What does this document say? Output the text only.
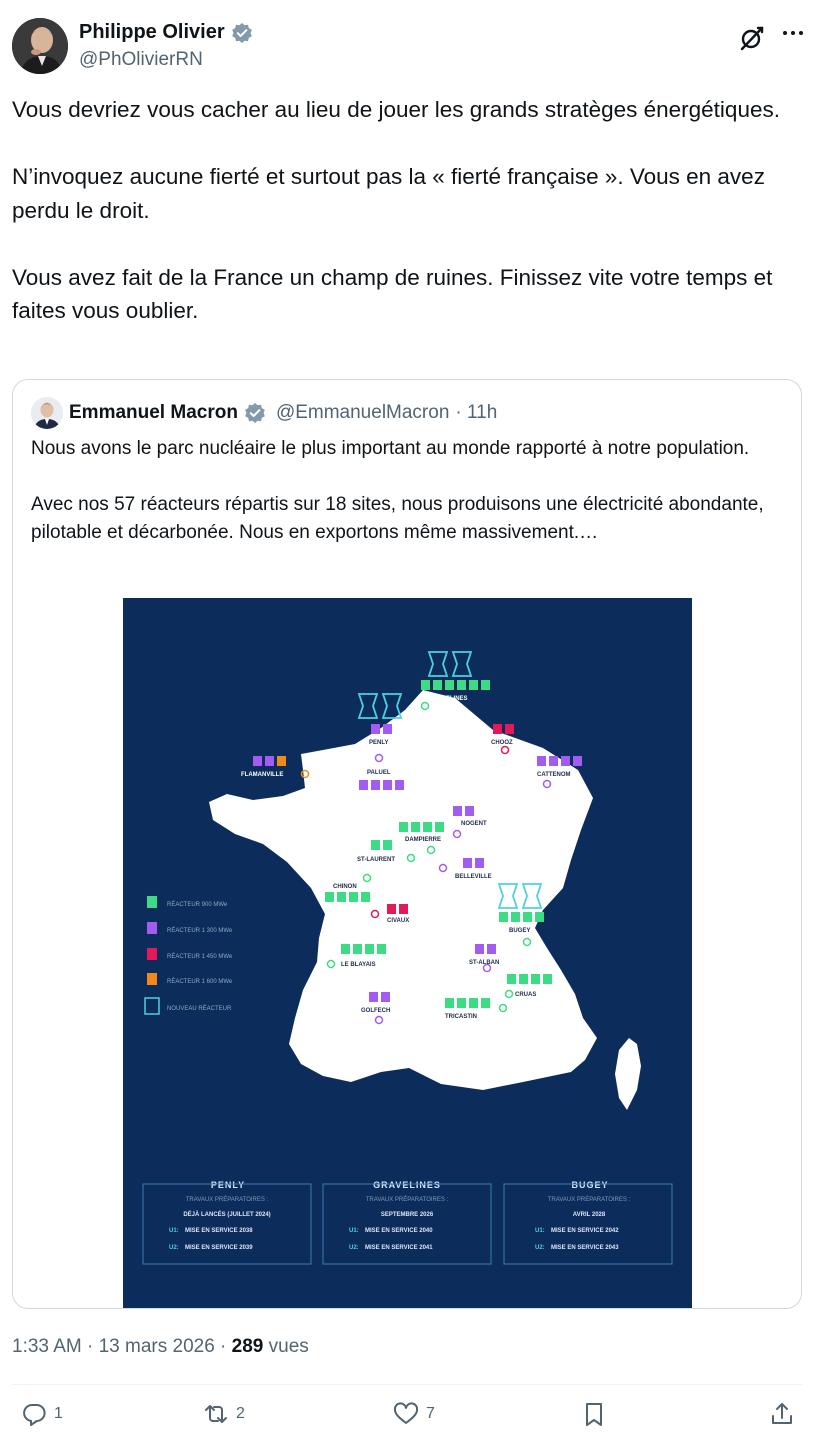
Philippe Olivier
@PhOlivierRN

Vous devriez vous cacher au lieu de jouer les grands stratèges énergétiques.

N’invoquez aucune fierté et surtout pas la « fierté française ». Vous en avez perdu le droit.

Vous avez fait de la France un champ de ruines. Finissez vite votre temps et faites vous oublier.

Emmanuel Macron @EmmanuelMacron · 11h

Nous avons le parc nucléaire le plus important au monde rapporté à notre population.

Avec nos 57 réacteurs répartis sur 18 sites, nous produisons une électricité abondante, pilotable et décarbonée. Nous en exportons même massivement.…

RÉACTEUR 900 MWe
RÉACTEUR 1 300 MWe
RÉACTEUR 1 450 MWe
RÉACTEUR 1 600 MWe
NOUVEAU RÉACTEUR
GRAVELINES
PENLY	CHOOZ
FLAMANVILLE	PALUEL	CATTENOM
NOGENT
DAMPIERRE
ST-LAURENT
BELLEVILLE
CHINON
CIVAUX
BUGEY
LE BLAYAIS	ST-ALBAN
CRUAS
GOLFECH
TRICASTIN
PENLY
TRAVAUX PRÉPARATOIRES :
DÉJÀ LANCÉS (JUILLET 2024)
U1: MISE EN SERVICE 2038
U2: MISE EN SERVICE 2039
GRAVELINES
TRAVAUX PRÉPARATOIRES :
SEPTEMBRE 2026
U1: MISE EN SERVICE 2040
U2: MISE EN SERVICE 2041
BUGEY
TRAVAUX PRÉPARATOIRES :
AVRIL 2028
U1: MISE EN SERVICE 2042
U2: MISE EN SERVICE 2043
1:33 AM · 13 mars 2026 · 289 vues
1	2	7
